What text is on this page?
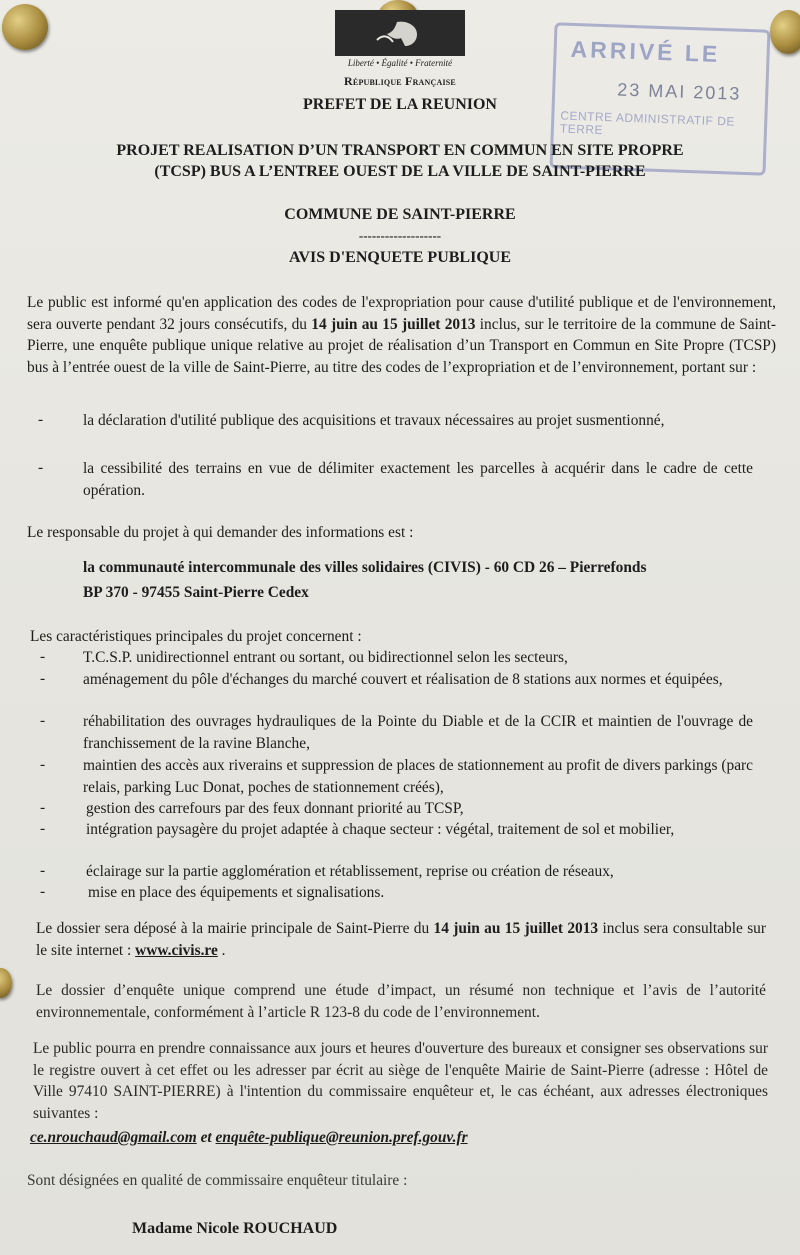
Liberté • Égalité • Fraternité
République Française
PREFET DE LA REUNION
ARRIVÉ LE
23 MAI 2013
CENTRE ADMINISTRATIF DE TERRE
PROJET REALISATION D’UN TRANSPORT EN COMMUN EN SITE PROPRE
(TCSP) BUS A L’ENTREE OUEST DE LA VILLE DE SAINT-PIERRE
COMMUNE DE SAINT-PIERRE
-------------------
AVIS D'ENQUETE PUBLIQUE
Le public est informé qu'en application des codes de l'expropriation pour cause d'utilité publique et de l'environnement, sera ouverte pendant 32 jours consécutifs, du 14 juin au 15 juillet 2013 inclus, sur le territoire de la commune de Saint-Pierre, une enquête publique unique relative au projet de réalisation d’un Transport en Commun en Site Propre (TCSP) bus à l’entrée ouest de la ville de Saint-Pierre, au titre des codes de l’expropriation et de l’environnement, portant sur :
-	la déclaration d'utilité publique des acquisitions et travaux nécessaires au projet susmentionné,
-	la cessibilité des terrains en vue de délimiter exactement les parcelles à acquérir dans le cadre de cette opération.
Le responsable du projet à qui demander des informations est :
la communauté intercommunale des villes solidaires (CIVIS) - 60 CD 26 – Pierrefonds
BP 370 - 97455 Saint-Pierre Cedex
Les caractéristiques principales du projet concernent :
- T.C.S.P. unidirectionnel entrant ou sortant, ou bidirectionnel selon les secteurs,
- aménagement du pôle d'échanges du marché couvert et réalisation de 8 stations aux normes et équipées,
- réhabilitation des ouvrages hydrauliques de la Pointe du Diable et de la CCIR et maintien de l'ouvrage de franchissement de la ravine Blanche,
- maintien des accès aux riverains et suppression de places de stationnement au profit de divers parkings (parc relais, parking Luc Donat, poches de stationnement créés),
-	gestion des carrefours par des feux donnant priorité au TCSP,
-	intégration paysagère du projet adaptée à chaque secteur : végétal, traitement de sol et mobilier,
-	éclairage sur la partie agglomération et rétablissement, reprise ou création de réseaux,
-	mise en place des équipements et signalisations.
Le dossier sera déposé à la mairie principale de Saint-Pierre du 14 juin au 15 juillet 2013 inclus sera consultable sur le site internet : www.civis.re .
Le dossier d’enquête unique comprend une étude d’impact, un résumé non technique et l’avis de l’autorité environnementale, conformément à l’article R 123-8 du code de l’environnement.
Le public pourra en prendre connaissance aux jours et heures d'ouverture des bureaux et consigner ses observations sur le registre ouvert à cet effet ou les adresser par écrit au siège de l'enquête Mairie de Saint-Pierre (adresse : Hôtel de Ville 97410 SAINT-PIERRE) à l'intention du commissaire enquêteur et, le cas échéant, aux adresses électroniques suivantes :
ce.nrouchaud@gmail.com et enquête-publique@reunion.pref.gouv.fr
Sont désignées en qualité de commissaire enquêteur titulaire :
Madame Nicole ROUCHAUD
